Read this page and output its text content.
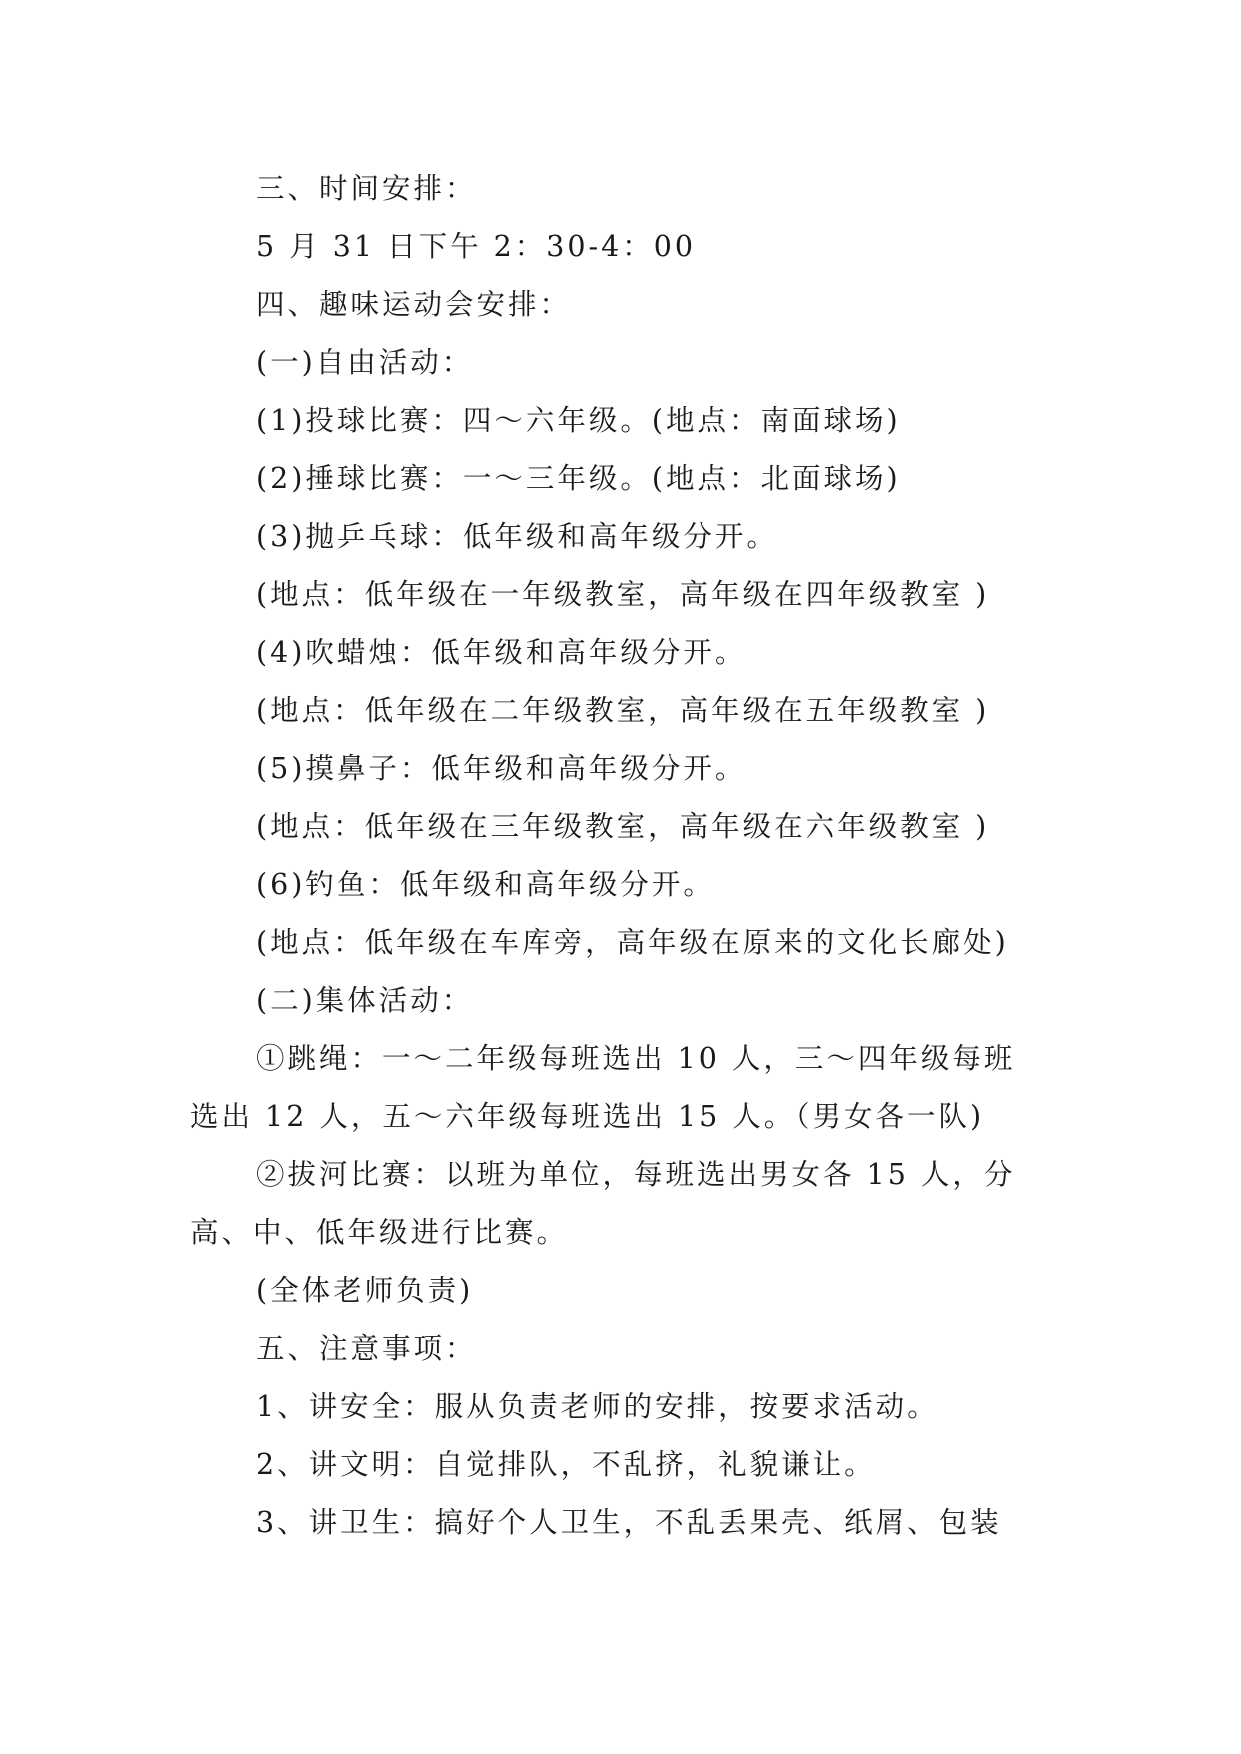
三、时间安排：
5 月 31 日下午 2：30-4：00
四、趣味运动会安排：
(一)自由活动：
(1)投球比赛：四～六年级。(地点：南面球场)
(2)捶球比赛：一～三年级。(地点：北面球场)
(3)抛乒乓球：低年级和高年级分开。
(地点：低年级在一年级教室，高年级在四年级教室 )
(4)吹蜡烛：低年级和高年级分开。
(地点：低年级在二年级教室，高年级在五年级教室 )
(5)摸鼻子：低年级和高年级分开。
(地点：低年级在三年级教室，高年级在六年级教室 )
(6)钓鱼：低年级和高年级分开。
(地点：低年级在车库旁，高年级在原来的文化长廊处)
(二)集体活动：
①跳绳：一～二年级每班选出 10 人，三～四年级每班
选出 12 人，五～六年级每班选出 15 人。（男女各一队)
②拔河比赛：以班为单位，每班选出男女各 15 人，分
高、中、低年级进行比赛。
(全体老师负责)
五、注意事项：
1、讲安全：服从负责老师的安排，按要求活动。
2、讲文明：自觉排队，不乱挤，礼貌谦让。
3、讲卫生：搞好个人卫生，不乱丢果壳、纸屑、包装
